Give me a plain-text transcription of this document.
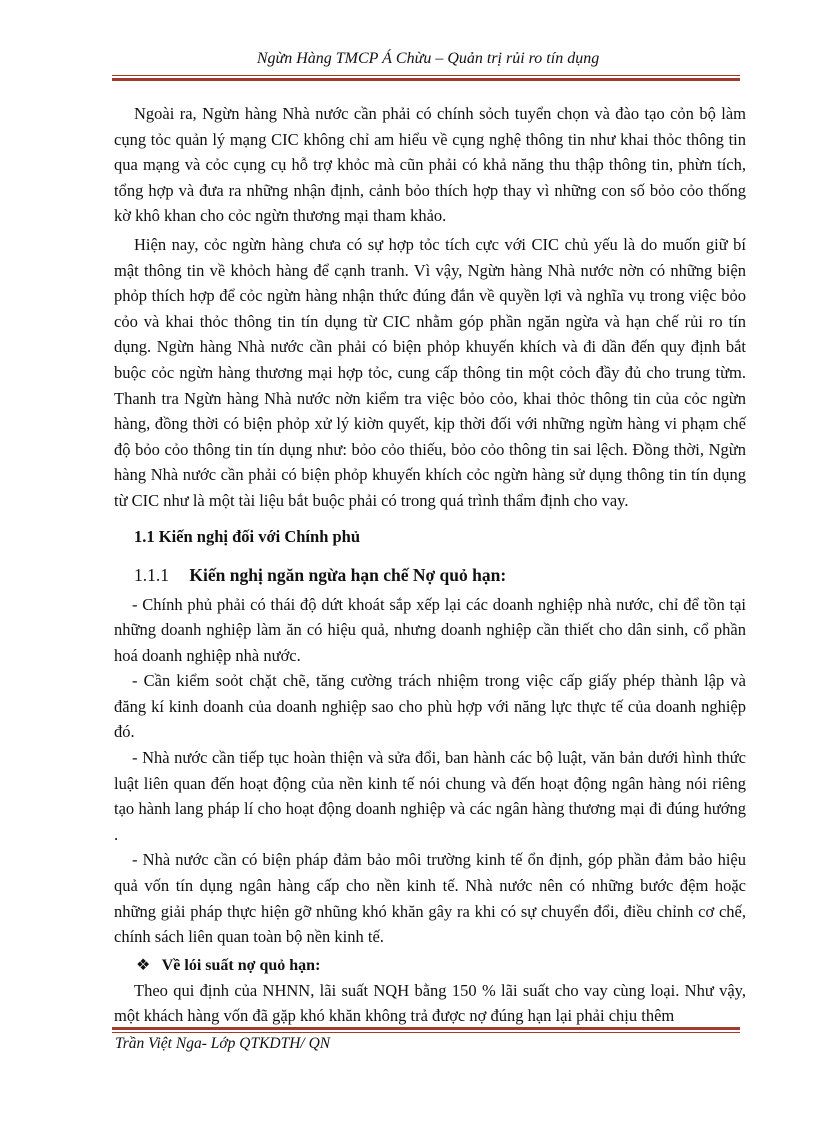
Ngừn Hàng TMCP Á Chừu – Quản trị rủi ro tín dụng

Ngoài ra, Ngừn hàng Nhà nước cần phải có chính sỏch tuyển chọn và đào tạo cỏn bộ làm cụng tỏc quản lý mạng CIC không chỉ am hiểu về cụng nghệ thông tin như khai thỏc thông tin qua mạng và cỏc cụng cụ hỗ trợ khỏc mà cũn phải có khả năng thu thập thông tin, phừn tích, tổng hợp và đưa ra những nhận định, cảnh bỏo thích hợp thay vì những con số bỏo cỏo thống kờ khô khan cho cỏc ngừn thương mại tham khảo.

Hiện nay, cỏc ngừn hàng chưa có sự hợp tỏc tích cực với CIC chủ yếu là do muốn giữ bí mật thông tin về khỏch hàng để cạnh tranh. Vì vậy, Ngừn hàng Nhà nước nờn có những biện phỏp thích hợp để cỏc ngừn hàng nhận thức đúng đắn về quyền lợi và nghĩa vụ trong việc bỏo cỏo và khai thỏc thông tin tín dụng từ CIC nhằm góp phần ngăn ngừa và hạn chế rủi ro tín dụng. Ngừn hàng Nhà nước cần phải có biện phỏp khuyến khích và đi dần đến quy định bắt buộc cỏc ngừn hàng thương mại hợp tỏc, cung cấp thông tin một cỏch đầy đủ cho trung từm. Thanh tra Ngừn hàng Nhà nước nờn kiểm tra việc bỏo cỏo, khai thỏc thông tin của cỏc ngừn hàng, đồng thời có biện phỏp xử lý kiờn quyết, kịp thời đối với những ngừn hàng vi phạm chế độ bỏo cỏo thông tin tín dụng như: bỏo cỏo thiếu, bỏo cỏo thông tin sai lệch. Đồng thời, Ngừn hàng Nhà nước cần phải có biện phỏp khuyến khích cỏc ngừn hàng sử dụng thông tin tín dụng từ CIC như là một tài liệu bắt buộc phải có trong quá trình thẩm định cho vay.

1.1 Kiến nghị đối với Chính phủ
1.1.1 Kiến nghị ngăn ngừa hạn chế Nợ quỏ hạn:

- Chính phủ phải có thái độ dứt khoát sắp xếp lại các doanh nghiệp nhà nước, chỉ để tồn tại những doanh nghiệp làm ăn có hiệu quả, nhưng doanh nghiệp cần thiết cho dân sinh, cổ phần hoá doanh nghiệp nhà nước.

- Cần kiểm soỏt chặt chẽ, tăng cường trách nhiệm trong việc cấp giấy phép thành lập và đăng kí kinh doanh của doanh nghiệp sao cho phù hợp với năng lực thực tế của doanh nghiệp đó.

- Nhà nước cần tiếp tục hoàn thiện và sửa đổi, ban hành các bộ luật, văn bản dưới hình thức luật liên quan đến hoạt động của nền kinh tế nói chung và đến hoạt động ngân hàng nói riêng tạo hành lang pháp lí cho hoạt động doanh nghiệp và các ngân hàng thương mại đi đúng hướng .

- Nhà nước cần có biện pháp đảm bảo môi trường kinh tế ổn định, góp phần đảm bảo hiệu quả vốn tín dụng ngân hàng cấp cho nền kinh tế. Nhà nước nên có những bước đệm hoặc những giải pháp thực hiện gỡ nhũng khó khăn gây ra khi có sự chuyển đổi, điều chỉnh cơ chế, chính sách liên quan toàn bộ nền kinh tế.

❖ Về lói suất nợ quỏ hạn:

Theo qui định của NHNN, lãi suất NQH bằng 150 % lãi suất cho vay cùng loại. Như vậy, một khách hàng vốn đã gặp khó khăn không trả được nợ đúng hạn lại phải chịu thêm

Trần Việt Nga- Lớp QTKDTH/ QN
